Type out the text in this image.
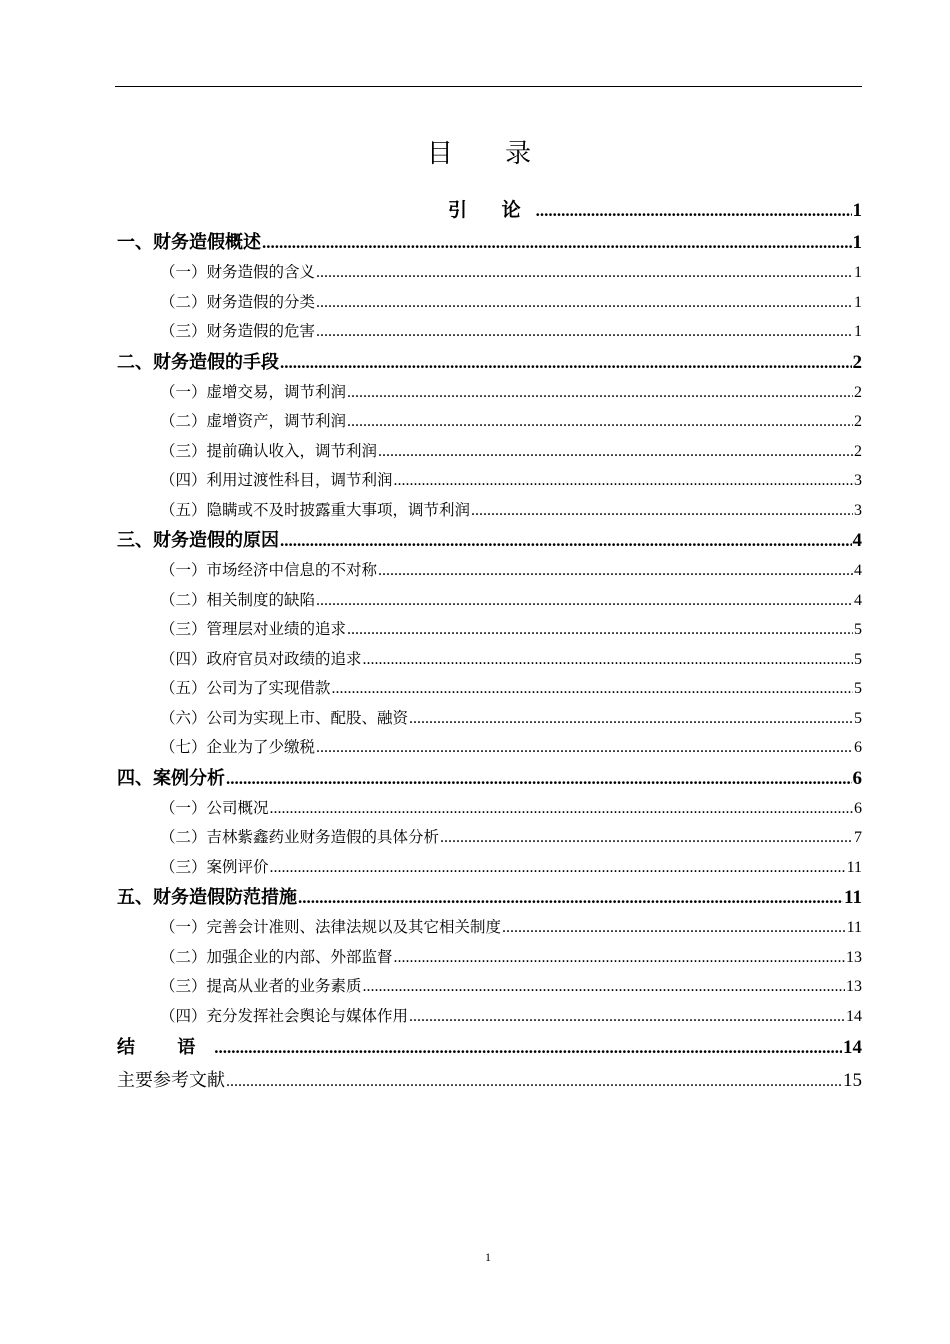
目 录
引 论 .....	1
一、财务造假概述 .....	1
（一）财务造假的含义 .....	1
（二）财务造假的分类 .....	1
（三）财务造假的危害 .....	1
二、财务造假的手段 .....	2
（一）虚增交易，调节利润 .....	2
（二）虚增资产，调节利润 .....	2
（三）提前确认收入，调节利润 .....	2
（四）利用过渡性科目，调节利润 .....	3
（五）隐瞒或不及时披露重大事项，调节利润 .....	3
三、财务造假的原因 .....	4
（一）市场经济中信息的不对称 .....	4
（二）相关制度的缺陷 .....	4
（三）管理层对业绩的追求 .....	5
（四）政府官员对政绩的追求 .....	5
（五）公司为了实现借款 .....	5
（六）公司为实现上市、配股、融资 .....	5
（七）企业为了少缴税 .....	6
四、案例分析 .....	6
（一）公司概况 .....	6
（二）吉林紫鑫药业财务造假的具体分析 .....	7
（三）案例评价 .....	11
五、财务造假防范措施 .....	11
（一）完善会计准则、法律法规以及其它相关制度 .....	11
（二）加强企业的内部、外部监督 .....	13
（三）提高从业者的业务素质 .....	13
（四）充分发挥社会舆论与媒体作用 .....	14
结 语 .....	14
主要参考文献 .....	15
1
